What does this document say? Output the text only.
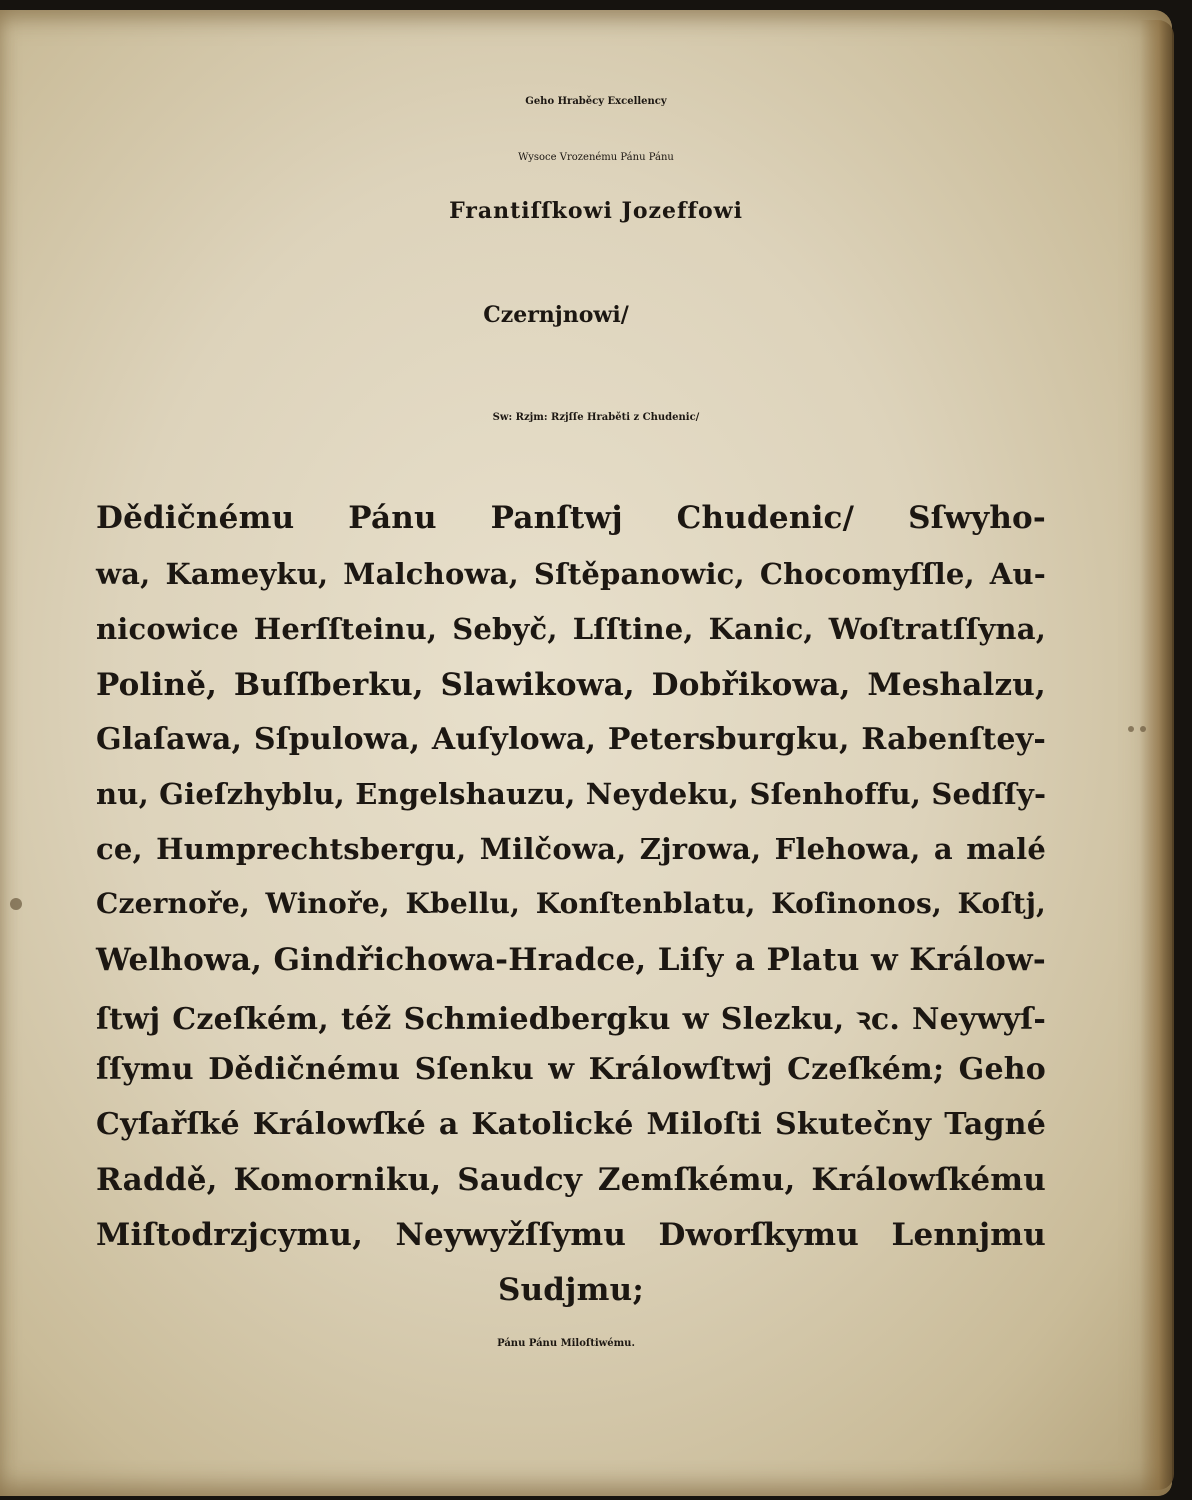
Geho Hraběcy Excellency
Wysoce Vrozenému Pánu Pánu
Frantiſſkowi Jozeffowi
Czernjnowi/
Sw: Rzjm: Rzjſſe Hraběti z Chudenic/
Dědičnému Pánu Panſtwj Chudenic/ Sſwyho-
wa, Kameyku, Malchowa, Sſtěpanowic, Chocomyſſle, Au-
nicowice Herſſteinu, Sebyč, Lſſtine, Kanic, Woſtratſſyna,
Polině, Buſſberku, Slawikowa, Dobřikowa, Meshalzu,
Glaſawa, Sſpulowa, Auſylowa, Petersburgku, Rabenſtey-
nu, Gieſzhyblu, Engelshauzu, Neydeku, Sſenhoffu, Sedſſy-
ce, Humprechtsbergu, Milčowa, Zjrowa, Flehowa, a malé
Czernoře, Winoře, Kbellu, Konſtenblatu, Koſinonos, Koſtj,
Welhowa, Gindřichowa-Hradce, Liſy a Platu w Králow-
ſtwj Czeſkém, též Schmiedbergku w Slezku, ꝛc. Neywyſ-
ſſymu Dědičnému Sſenku w Králowſtwj Czeſkém; Geho
Cyſařſké Králowſké a Katolické Miloſti Skutečny Tagné
Raddě, Komorniku, Saudcy Zemſkému, Králowſkému
Miſtodrzjcymu, Neywyžſſymu Dworſkymu Lennjmu
Sudjmu;
Pánu Pánu Miloſtiwému.
